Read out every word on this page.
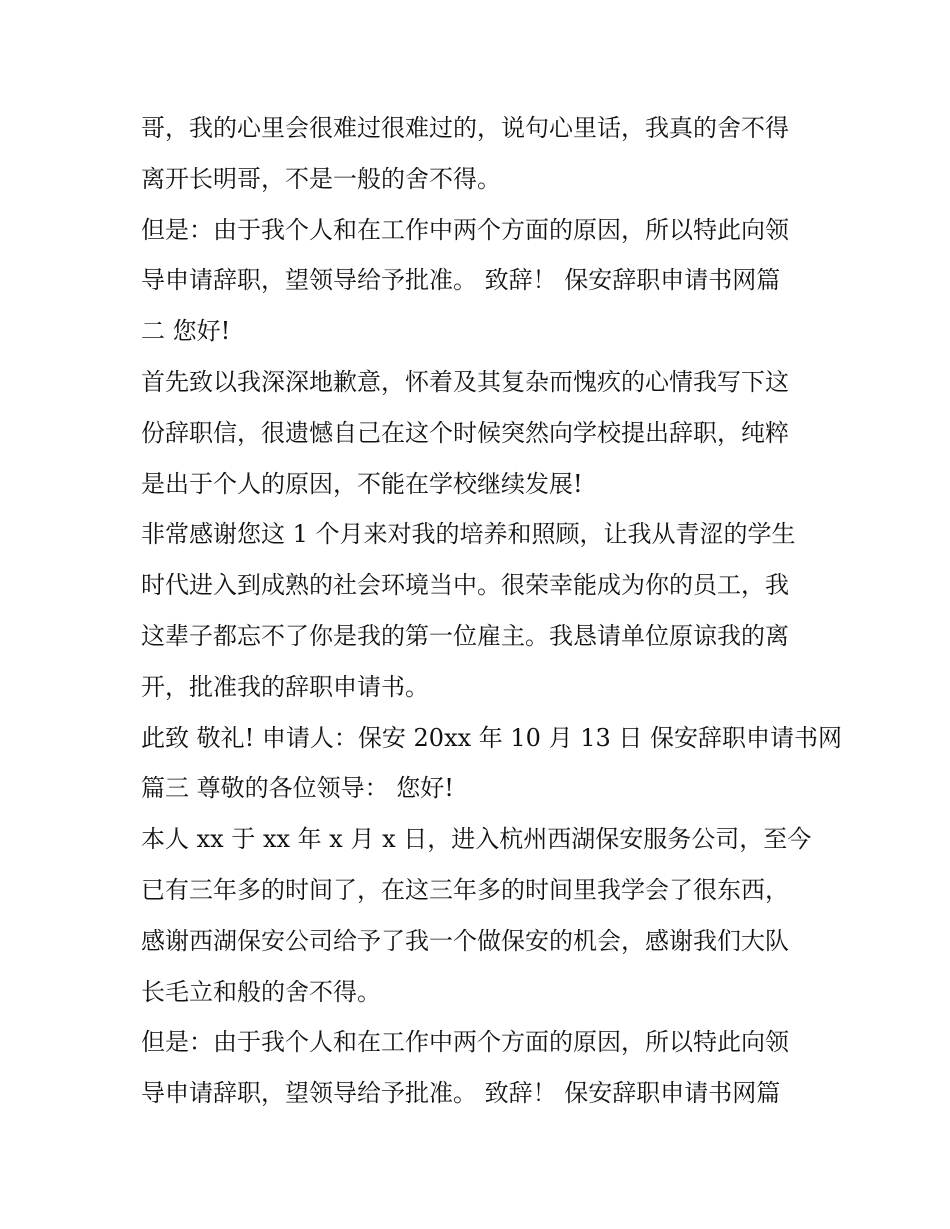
哥，我的心里会很难过很难过的，说句心里话，我真的舍不得
离开长明哥，不是一般的舍不得。
但是：由于我个人和在工作中两个方面的原因，所以特此向领
导申请辞职，望领导给予批准。 致辞！ 保安辞职申请书网篇
二 您好!
首先致以我深深地歉意，怀着及其复杂而愧疚的心情我写下这
份辞职信，很遗憾自己在这个时候突然向学校提出辞职，纯粹
是出于个人的原因，不能在学校继续发展!
非常感谢您这 1 个月来对我的培养和照顾，让我从青涩的学生
时代进入到成熟的社会环境当中。很荣幸能成为你的员工，我
这辈子都忘不了你是我的第一位雇主。我恳请单位原谅我的离
开，批准我的辞职申请书。
此致 敬礼! 申请人：保安 20xx 年 10 月 13 日 保安辞职申请书网
篇三 尊敬的各位领导： 您好!
本人 xx 于 xx 年 x 月 x 日，进入杭州西湖保安服务公司，至今
已有三年多的时间了，在这三年多的时间里我学会了很东西，
感谢西湖保安公司给予了我一个做保安的机会，感谢我们大队
长毛立和般的舍不得。
但是：由于我个人和在工作中两个方面的原因，所以特此向领
导申请辞职，望领导给予批准。 致辞！ 保安辞职申请书网篇
